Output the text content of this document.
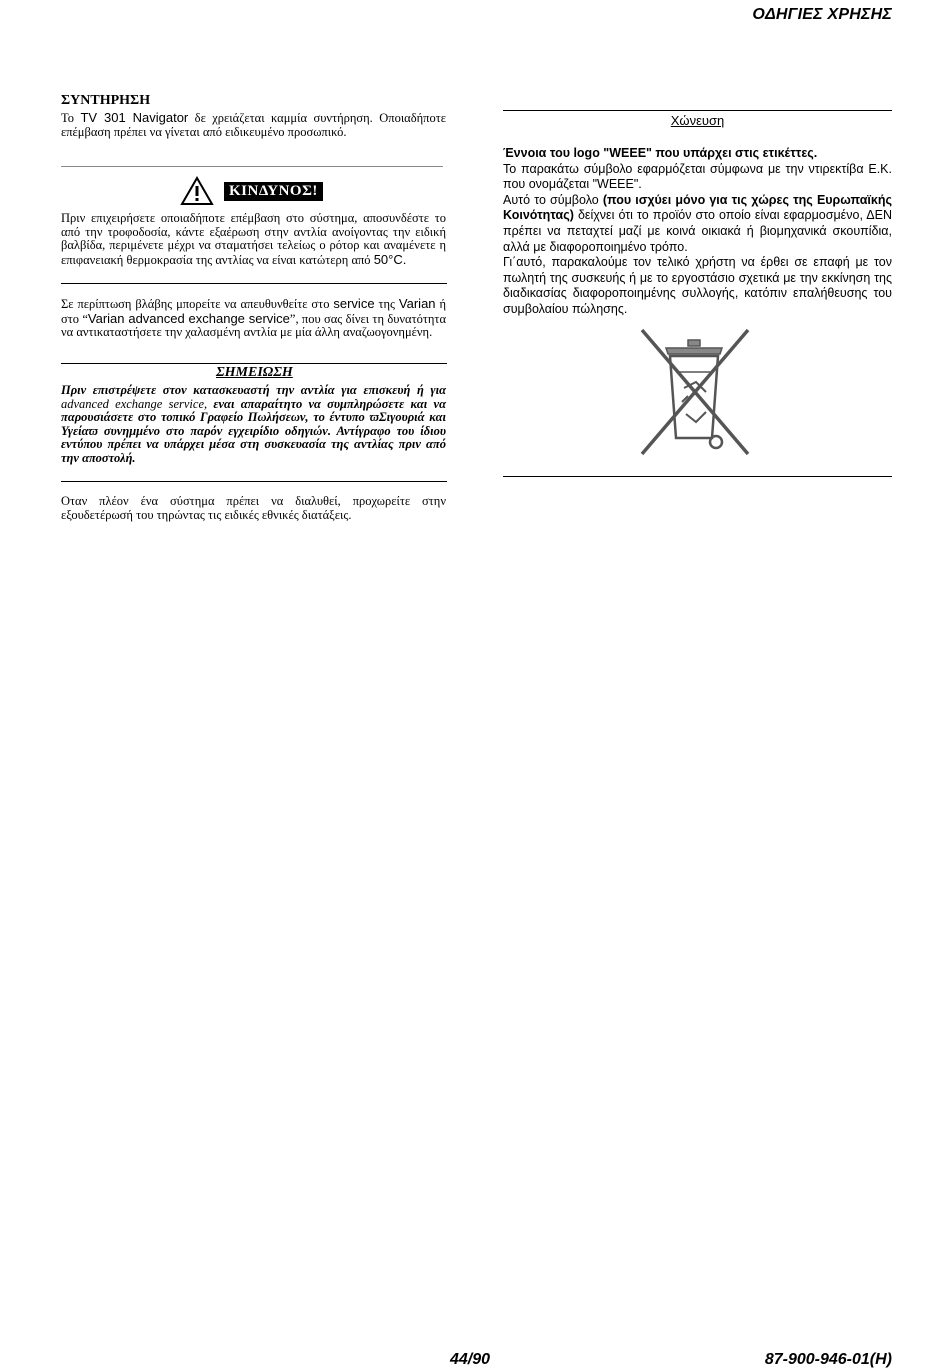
ΟΔΗΓΙΕΣ ΧΡΗΣΗΣ
ΣΥΝΤΗΡΗΣΗ
Το TV 301 Navigator δε χρειάζεται καμμία συντήρηση. Οποιαδήποτε επέμβαση πρέπει να γίνεται από ειδικευμένο προσωπικό.
ΚΙΝΔΥΝΟΣ!
Πριν επιχειρήσετε οποιαδήποτε επέμβαση στο σύστημα, αποσυνδέστε το από την τροφοδοσία, κάντε εξαέρωση στην αντλία ανοίγοντας την ειδική βαλβίδα, περιμένετε μέχρι να σταματήσει τελείως ο ρότορ και αναμένετε η επιφανειακή θερμοκρασία της αντλίας να είναι κατώτερη από 50°C.
Σε περίπτωση βλάβης μπορείτε να απευθυνθείτε στο service της Varian ή στο “Varian advanced exchange service”, που σας δίνει τη δυνατότητα να αντικαταστήσετε την χαλασμένη αντλία με μία άλλη αναζωογονημένη.
ΣΗΜΕΙΩΣΗ
Πριν επιστρέψετε στον κατασκευαστή την αντλία για επισκευή ή για advanced exchange service, εναι απαραίτητο να συμπληρώσετε και να παρουσιάσετε στο τοπικό Γραφείο Πωλήσεων, το έντυπο ϖΣιγουριά και Υγείαϖ συνημμένο στο παρόν εγχειρίδιο οδηγιών. Αντίγραφο του ίδιου εντύπου πρέπει να υπάρχει μέσα στη συσκευασία της αντλίας πριν από την αποστολή.
Οταν πλέον ένα σύστημα πρέπει να διαλυθεί, προχωρείτε στην εξουδετέρωσή του τηρώντας τις ειδικές εθνικές διατάξεις.
Χώνευση
Έννοια του logo "WEEE" που υπάρχει στις ετικέττες.
Το παρακάτω σύμβολο εφαρμόζεται σύμφωνα με την ντιρεκτίβα Ε.Κ. που ονομάζεται "WEEE".
Αυτό το σύμβολο (που ισχύει μόνο για τις χώρες της Ευρωπαϊκής Κοινότητας) δείχνει ότι το προϊόν στο οποίο είναι εφαρμοσμένο, ΔΕΝ πρέπει να πεταχτεί μαζί με κοινά οικιακά ή βιομηχανικά σκουπίδια, αλλά με διαφοροποιημένο τρόπο.
Γι΄αυτό, παρακαλούμε τον τελικό χρήστη να έρθει σε επαφή με τον πωλητή της συσκευής ή με το εργοστάσιο σχετικά με την εκκίνηση της διαδικασίας διαφοροποιημένης συλλογής, κατόπιν επαλήθευσης του συμβολαίου πώλησης.
44/90	87-900-946-01(H)
